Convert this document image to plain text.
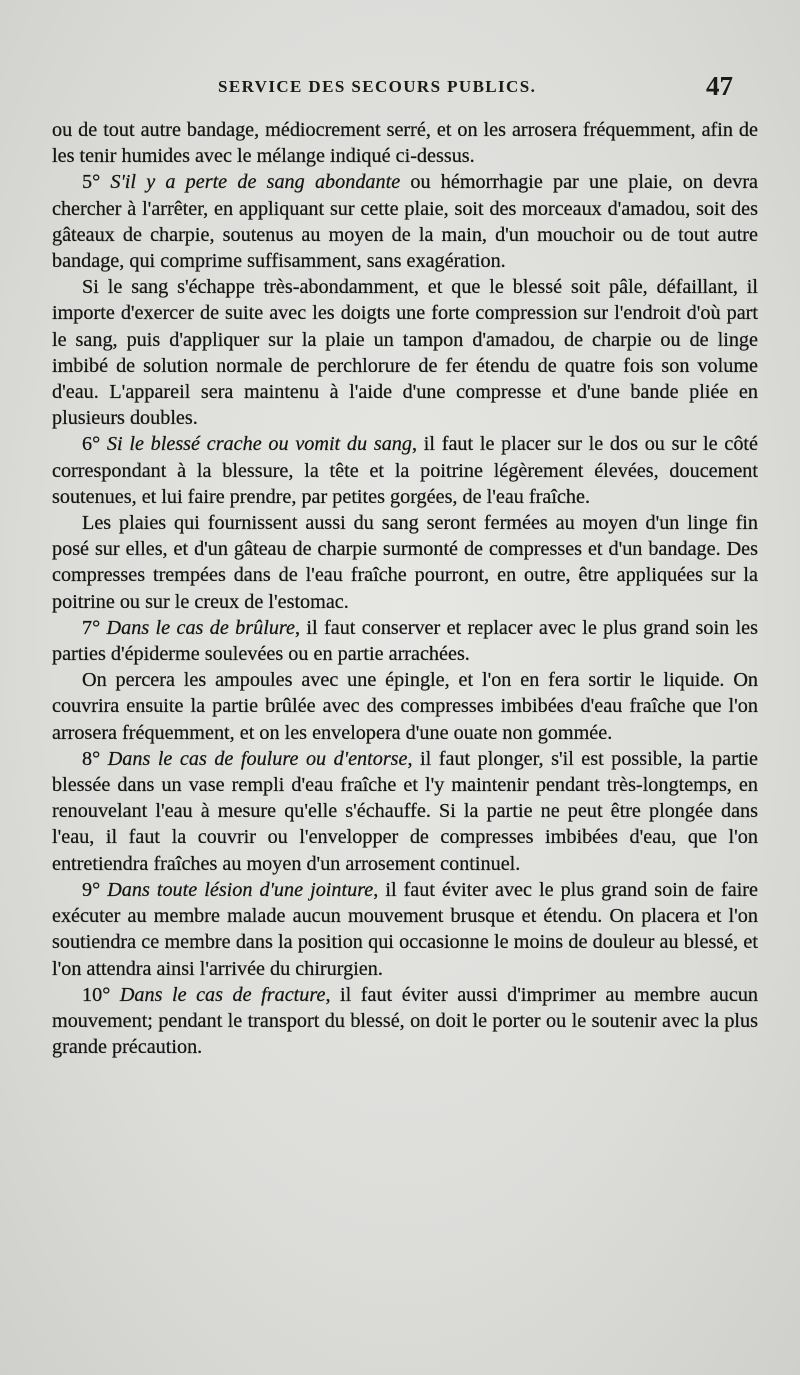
SERVICE DES SECOURS PUBLICS.	47

ou de tout autre bandage, médiocrement serré, et on les arrosera fréquemment, afin de les tenir humides avec le mélange indiqué ci-dessus.

5° S'il y a perte de sang abondante ou hémorrhagie par une plaie, on devra chercher à l'arrêter, en appliquant sur cette plaie, soit des morceaux d'amadou, soit des gâteaux de charpie, soutenus au moyen de la main, d'un mouchoir ou de tout autre bandage, qui comprime suffisamment, sans exagération.

Si le sang s'échappe très-abondamment, et que le blessé soit pâle, défaillant, il importe d'exercer de suite avec les doigts une forte compression sur l'endroit d'où part le sang, puis d'appliquer sur la plaie un tampon d'amadou, de charpie ou de linge imbibé de solution normale de perchlorure de fer étendu de quatre fois son volume d'eau. L'appareil sera maintenu à l'aide d'une compresse et d'une bande pliée en plusieurs doubles.

6° Si le blessé crache ou vomit du sang, il faut le placer sur le dos ou sur le côté correspondant à la blessure, la tête et la poitrine légèrement élevées, doucement soutenues, et lui faire prendre, par petites gorgées, de l'eau fraîche.

Les plaies qui fournissent aussi du sang seront fermées au moyen d'un linge fin posé sur elles, et d'un gâteau de charpie surmonté de compresses et d'un bandage. Des compresses trempées dans de l'eau fraîche pourront, en outre, être appliquées sur la poitrine ou sur le creux de l'estomac.

7° Dans le cas de brûlure, il faut conserver et replacer avec le plus grand soin les parties d'épiderme soulevées ou en partie arrachées.

On percera les ampoules avec une épingle, et l'on en fera sortir le liquide. On couvrira ensuite la partie brûlée avec des compresses imbibées d'eau fraîche que l'on arrosera fréquemment, et on les envelopera d'une ouate non gommée.

8° Dans le cas de foulure ou d'entorse, il faut plonger, s'il est possible, la partie blessée dans un vase rempli d'eau fraîche et l'y maintenir pendant très-longtemps, en renouvelant l'eau à mesure qu'elle s'échauffe. Si la partie ne peut être plongée dans l'eau, il faut la couvrir ou l'envelopper de compresses imbibées d'eau, que l'on entretiendra fraîches au moyen d'un arrosement continuel.

9° Dans toute lésion d'une jointure, il faut éviter avec le plus grand soin de faire exécuter au membre malade aucun mouvement brusque et étendu. On placera et l'on soutiendra ce membre dans la position qui occasionne le moins de douleur au blessé, et l'on attendra ainsi l'arrivée du chirurgien.

10° Dans le cas de fracture, il faut éviter aussi d'imprimer au membre aucun mouvement; pendant le transport du blessé, on doit le porter ou le soutenir avec la plus grande précaution.
